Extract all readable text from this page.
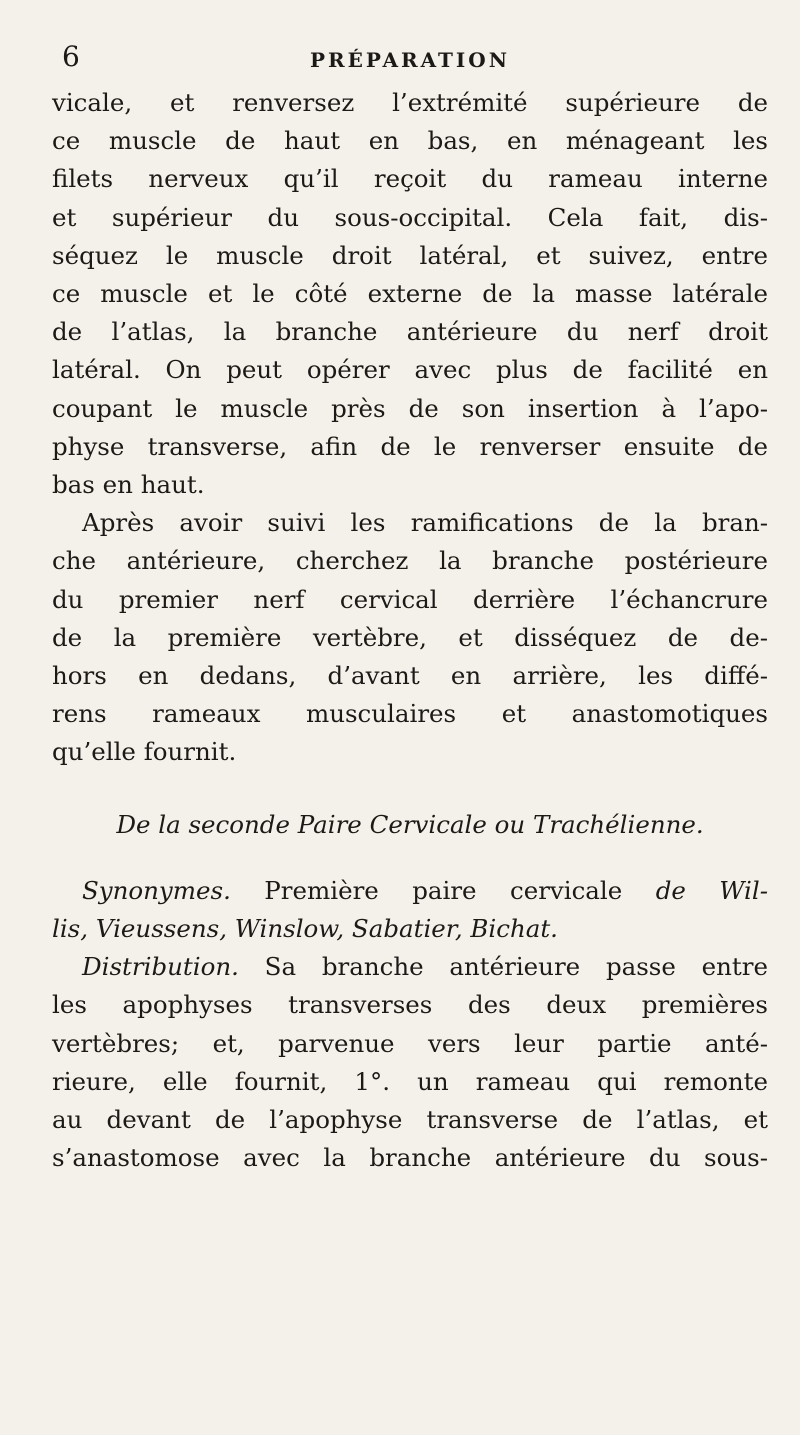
6	PRÉPARATION
vicale, et renversez l’extrémité supérieure de
ce muscle de haut en bas, en ménageant les
filets nerveux qu’il reçoit du rameau interne
et supérieur du sous-occipital. Cela fait, dis-
séquez le muscle droit latéral, et suivez, entre
ce muscle et le côté externe de la masse latérale
de l’atlas, la branche antérieure du nerf droit
latéral. On peut opérer avec plus de facilité en
coupant le muscle près de son insertion à l’apo-
physe transverse, afin de le renverser ensuite de
bas en haut.
Après avoir suivi les ramifications de la bran-
che antérieure, cherchez la branche postérieure
du premier nerf cervical derrière l’échancrure
de la première vertèbre, et disséquez de de-
hors en dedans, d’avant en arrière, les diffé-
rens rameaux musculaires et anastomotiques
qu’elle fournit.
De la seconde Paire Cervicale ou Trachélienne.
Synonymes. Première paire cervicale de Wil-
lis, Vieussens, Winslow, Sabatier, Bichat.
Distribution. Sa branche antérieure passe entre
les apophyses transverses des deux premières
vertèbres; et, parvenue vers leur partie anté-
rieure, elle fournit, 1°. un rameau qui remonte
au devant de l’apophyse transverse de l’atlas, et
s’anastomose avec la branche antérieure du sous-
